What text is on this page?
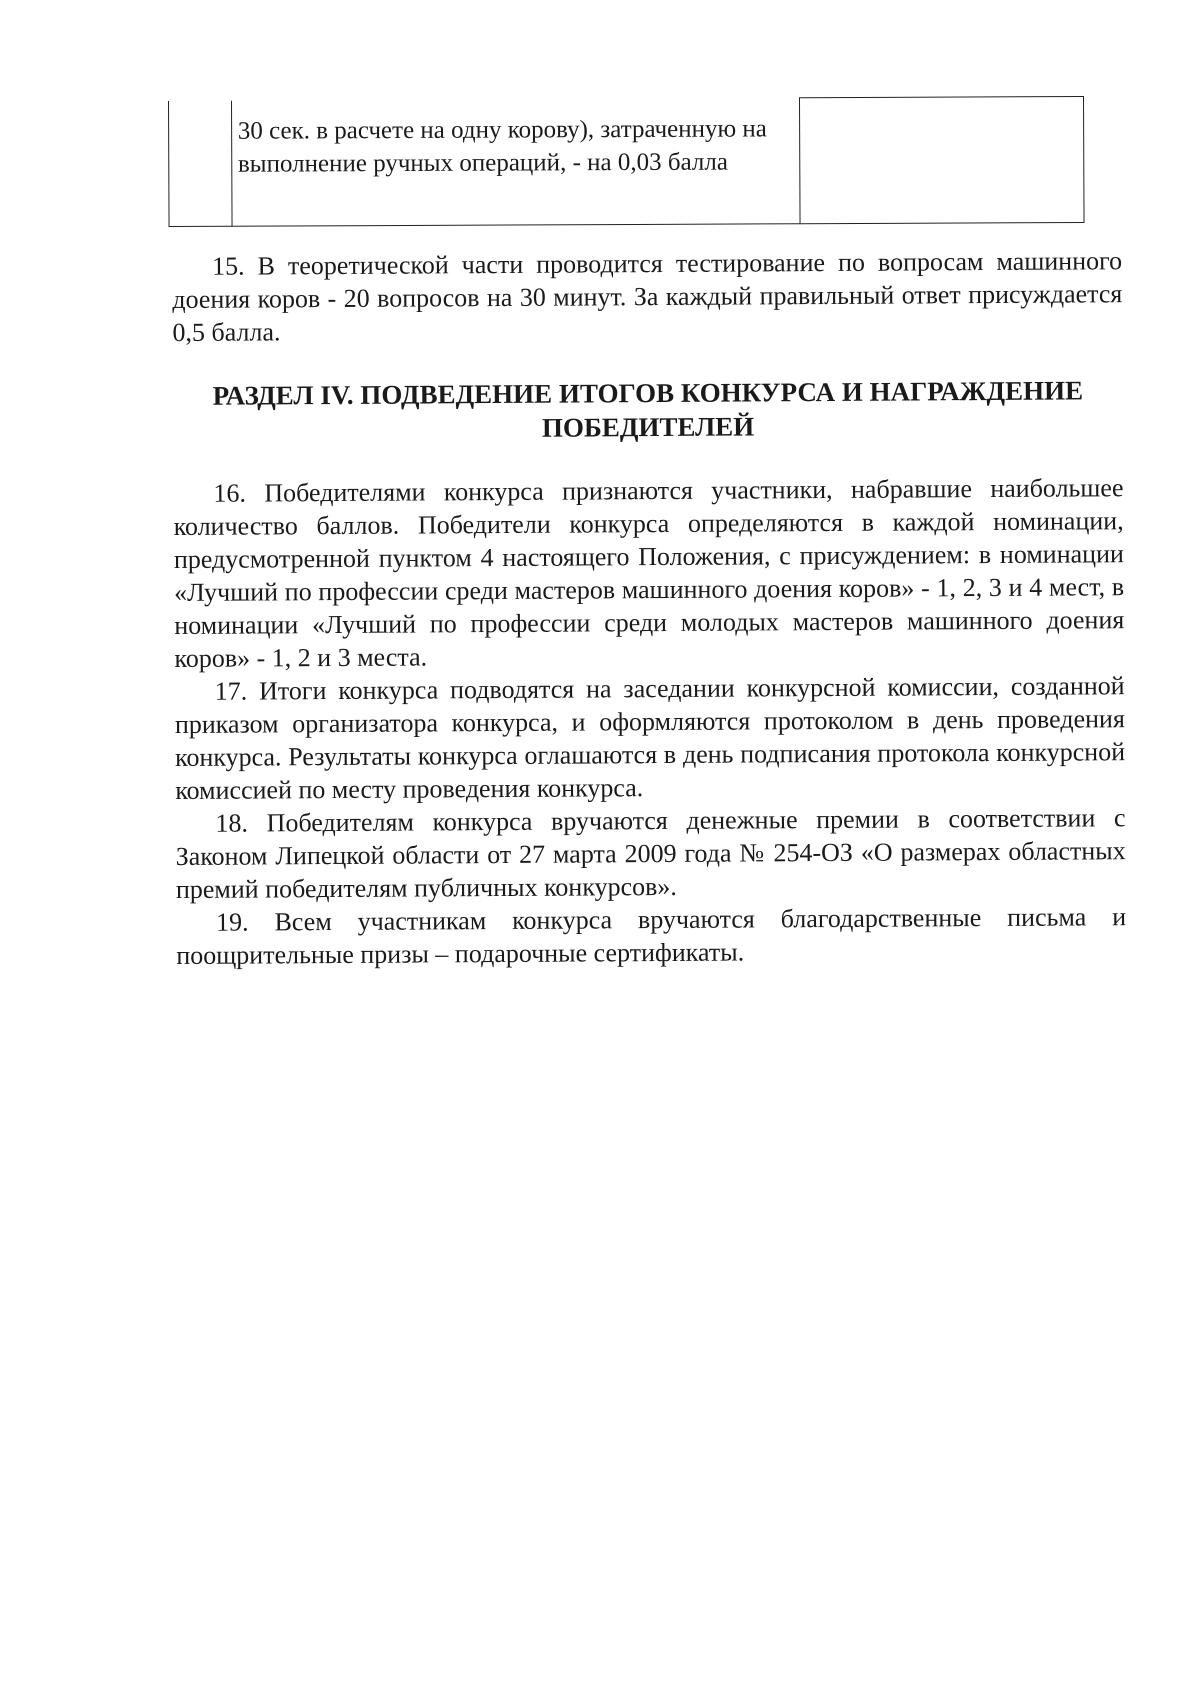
30 сек. в расчете на одну корову), затраченную на выполнение ручных операций, - на 0,03 балла

15. В теоретической части проводится тестирование по вопросам машинного доения коров - 20 вопросов на 30 минут. За каждый правильный ответ присуждается 0,5 балла.

РАЗДЕЛ IV. ПОДВЕДЕНИЕ ИТОГОВ КОНКУРСА И НАГРАЖДЕНИЕ ПОБЕДИТЕЛЕЙ

16. Победителями конкурса признаются участники, набравшие наибольшее количество баллов. Победители конкурса определяются в каждой номинации, предусмотренной пунктом 4 настоящего Положения, с присуждением: в номинации «Лучший по профессии среди мастеров машинного доения коров» - 1, 2, 3 и 4 мест, в номинации «Лучший по профессии среди молодых мастеров машинного доения коров» - 1, 2 и 3 места.

17. Итоги конкурса подводятся на заседании конкурсной комиссии, созданной приказом организатора конкурса, и оформляются протоколом в день проведения конкурса. Результаты конкурса оглашаются в день подписания протокола конкурсной комиссией по месту проведения конкурса.

18. Победителям конкурса вручаются денежные премии в соответствии с Законом Липецкой области от 27 марта 2009 года № 254-ОЗ «О размерах областных премий победителям публичных конкурсов».

19. Всем участникам конкурса вручаются благодарственные письма и поощрительные призы – подарочные сертификаты.
